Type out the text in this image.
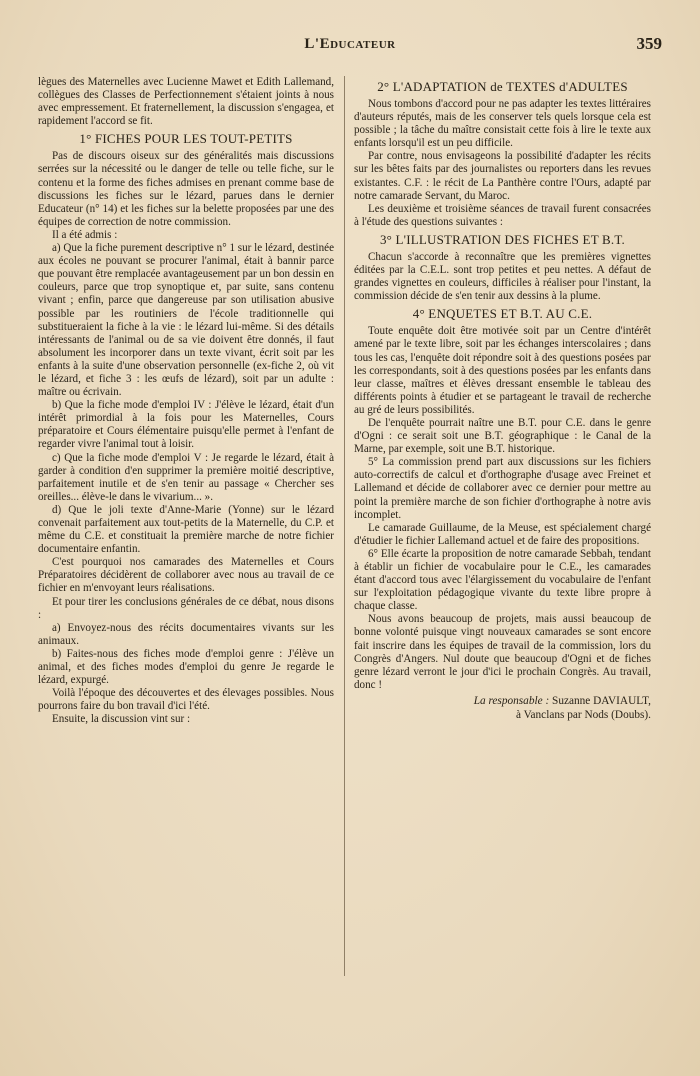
L'Educateur	359

lègues des Maternelles avec Lucienne Mawet et Edith Lallemand, collègues des Classes de Perfectionnement s'étaient joints à nous avec empressement. Et fraternellement, la discussion s'engagea, et rapidement l'accord se fit.

1° FICHES POUR LES TOUT-PETITS

Pas de discours oiseux sur des généralités mais discussions serrées sur la nécessité ou le danger de telle ou telle fiche, sur le contenu et la forme des fiches admises en prenant comme base de discussions les fiches sur le lézard, parues dans le dernier Educateur (n° 14) et les fiches sur la belette proposées par une des équipes de correction de notre commission.

Il a été admis :

a) Que la fiche purement descriptive n° 1 sur le lézard, destinée aux écoles ne pouvant se procurer l'animal, était à bannir parce que pouvant être remplacée avantageusement par un bon dessin en couleurs, parce que trop synoptique et, par suite, sans contenu vivant ; enfin, parce que dangereuse par son utilisation abusive possible par les routiniers de l'école traditionnelle qui substitueraient la fiche à la vie : le lézard lui-même. Si des détails intéressants de l'animal ou de sa vie doivent être donnés, il faut absolument les incorporer dans un texte vivant, écrit soit par les enfants à la suite d'une observation personnelle (ex-fiche 2, où vit le lézard, et fiche 3 : les œufs de lézard), soit par un adulte : maître ou écrivain.

b) Que la fiche mode d'emploi IV : J'élève le lézard, était d'un intérêt primordial à la fois pour les Maternelles, Cours préparatoire et Cours élémentaire puisqu'elle permet à l'enfant de regarder vivre l'animal tout à loisir.

c) Que la fiche mode d'emploi V : Je regarde le lézard, était à garder à condition d'en supprimer la première moitié descriptive, parfaitement inutile et de s'en tenir au passage « Chercher ses oreilles... élève-le dans le vivarium... ».

d) Que le joli texte d'Anne-Marie (Yonne) sur le lézard convenait parfaitement aux tout-petits de la Maternelle, du C.P. et même du C.E. et constituait la première marche de notre fichier documentaire enfantin.

C'est pourquoi nos camarades des Maternelles et Cours Préparatoires décidèrent de collaborer avec nous au travail de ce fichier en m'envoyant leurs réalisations.

Et pour tirer les conclusions générales de ce débat, nous disons :

a) Envoyez-nous des récits documentaires vivants sur les animaux.

b) Faites-nous des fiches mode d'emploi genre : J'élève un animal, et des fiches modes d'emploi du genre Je regarde le lézard, expurgé.

Voilà l'époque des découvertes et des élevages possibles. Nous pourrons faire du bon travail d'ici l'été.

Ensuite, la discussion vint sur :

2° L'ADAPTATION de TEXTES d'ADULTES

Nous tombons d'accord pour ne pas adapter les textes littéraires d'auteurs réputés, mais de les conserver tels quels lorsque cela est possible ; la tâche du maître consistait cette fois à lire le texte aux enfants lorsqu'il est un peu difficile.

Par contre, nous envisageons la possibilité d'adapter les récits sur les bêtes faits par des journalistes ou reporters dans les revues existantes. C.F. : le récit de La Panthère contre l'Ours, adapté par notre camarade Servant, du Maroc.

Les deuxième et troisième séances de travail furent consacrées à l'étude des questions suivantes :

3° L'ILLUSTRATION DES FICHES ET B.T.

Chacun s'accorde à reconnaître que les premières vignettes éditées par la C.E.L. sont trop petites et peu nettes. A défaut de grandes vignettes en couleurs, difficiles à réaliser pour l'instant, la commission décide de s'en tenir aux dessins à la plume.

4° ENQUETES ET B.T. AU C.E.

Toute enquête doit être motivée soit par un Centre d'intérêt amené par le texte libre, soit par les échanges interscolaires ; dans tous les cas, l'enquête doit répondre soit à des questions posées par les correspondants, soit à des questions posées par les enfants dans leur classe, maîtres et élèves dressant ensemble le tableau des différents points à étudier et se partageant le travail de recherche au gré de leurs possibilités.

De l'enquête pourrait naître une B.T. pour C.E. dans le genre d'Ogni : ce serait soit une B.T. géographique : le Canal de la Marne, par exemple, soit une B.T. historique.

5° La commission prend part aux discussions sur les fichiers auto-correctifs de calcul et d'orthographe d'usage avec Freinet et Lallemand et décide de collaborer avec ce dernier pour mettre au point la première marche de son fichier d'orthographe à notre avis incomplet.

Le camarade Guillaume, de la Meuse, est spécialement chargé d'étudier le fichier Lallemand actuel et de faire des propositions.

6° Elle écarte la proposition de notre camarade Sebbah, tendant à établir un fichier de vocabulaire pour le C.E., les camarades étant d'accord tous avec l'élargissement du vocabulaire de l'enfant sur l'exploitation pédagogique vivante du texte libre propre à chaque classe.

Nous avons beaucoup de projets, mais aussi beaucoup de bonne volonté puisque vingt nouveaux camarades se sont encore fait inscrire dans les équipes de travail de la commission, lors du Congrès d'Angers. Nul doute que beaucoup d'Ogni et de fiches genre lézard verront le jour d'ici le prochain Congrès. Au travail, donc !

La responsable : Suzanne DAVIAULT,
à Vanclans par Nods (Doubs).
